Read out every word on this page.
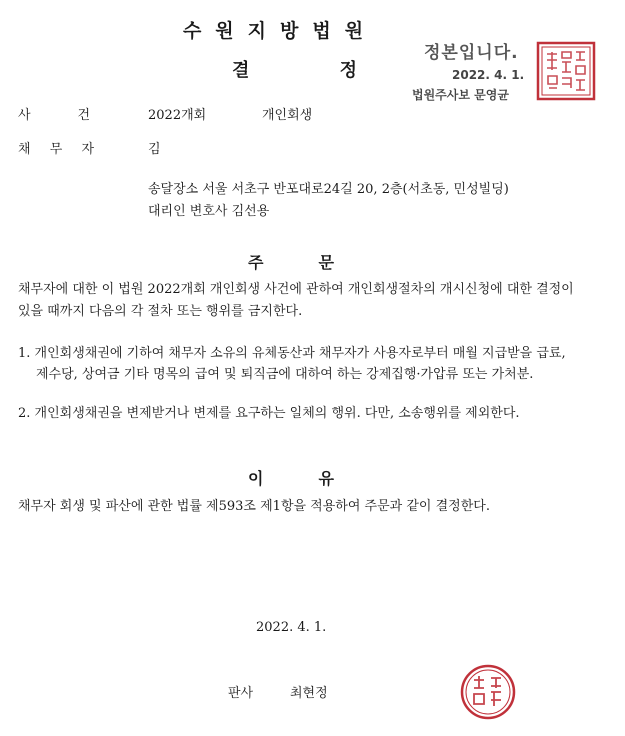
수원지방법원
결	정
정본입니다.
2022. 4. 1.
법원주사보 문영균
사	건	2022개회	개인회생
채 무 자	김
송달장소 서울 서초구 반포대로24길 20, 2층(서초동, 민성빌딩)
대리인 변호사 김선용
주	문
채무자에 대한 이 법원 2022개회 개인회생 사건에 관하여 개인회생절차의 개시신청에 대한 결정이 있을 때까지 다음의 각 절차 또는 행위를 금지한다.
1. 개인회생채권에 기하여 채무자 소유의 유체동산과 채무자가 사용자로부터 매월 지급받을 급료, 제수당, 상여금 기타 명목의 급여 및 퇴직금에 대하여 하는 강제집행·가압류 또는 가처분.
2. 개인회생채권을 변제받거나 변제를 요구하는 일체의 행위. 다만, 소송행위를 제외한다.
이	유
채무자 회생 및 파산에 관한 법률 제593조 제1항을 적용하여 주문과 같이 결정한다.
2022. 4. 1.
판사	최현정
